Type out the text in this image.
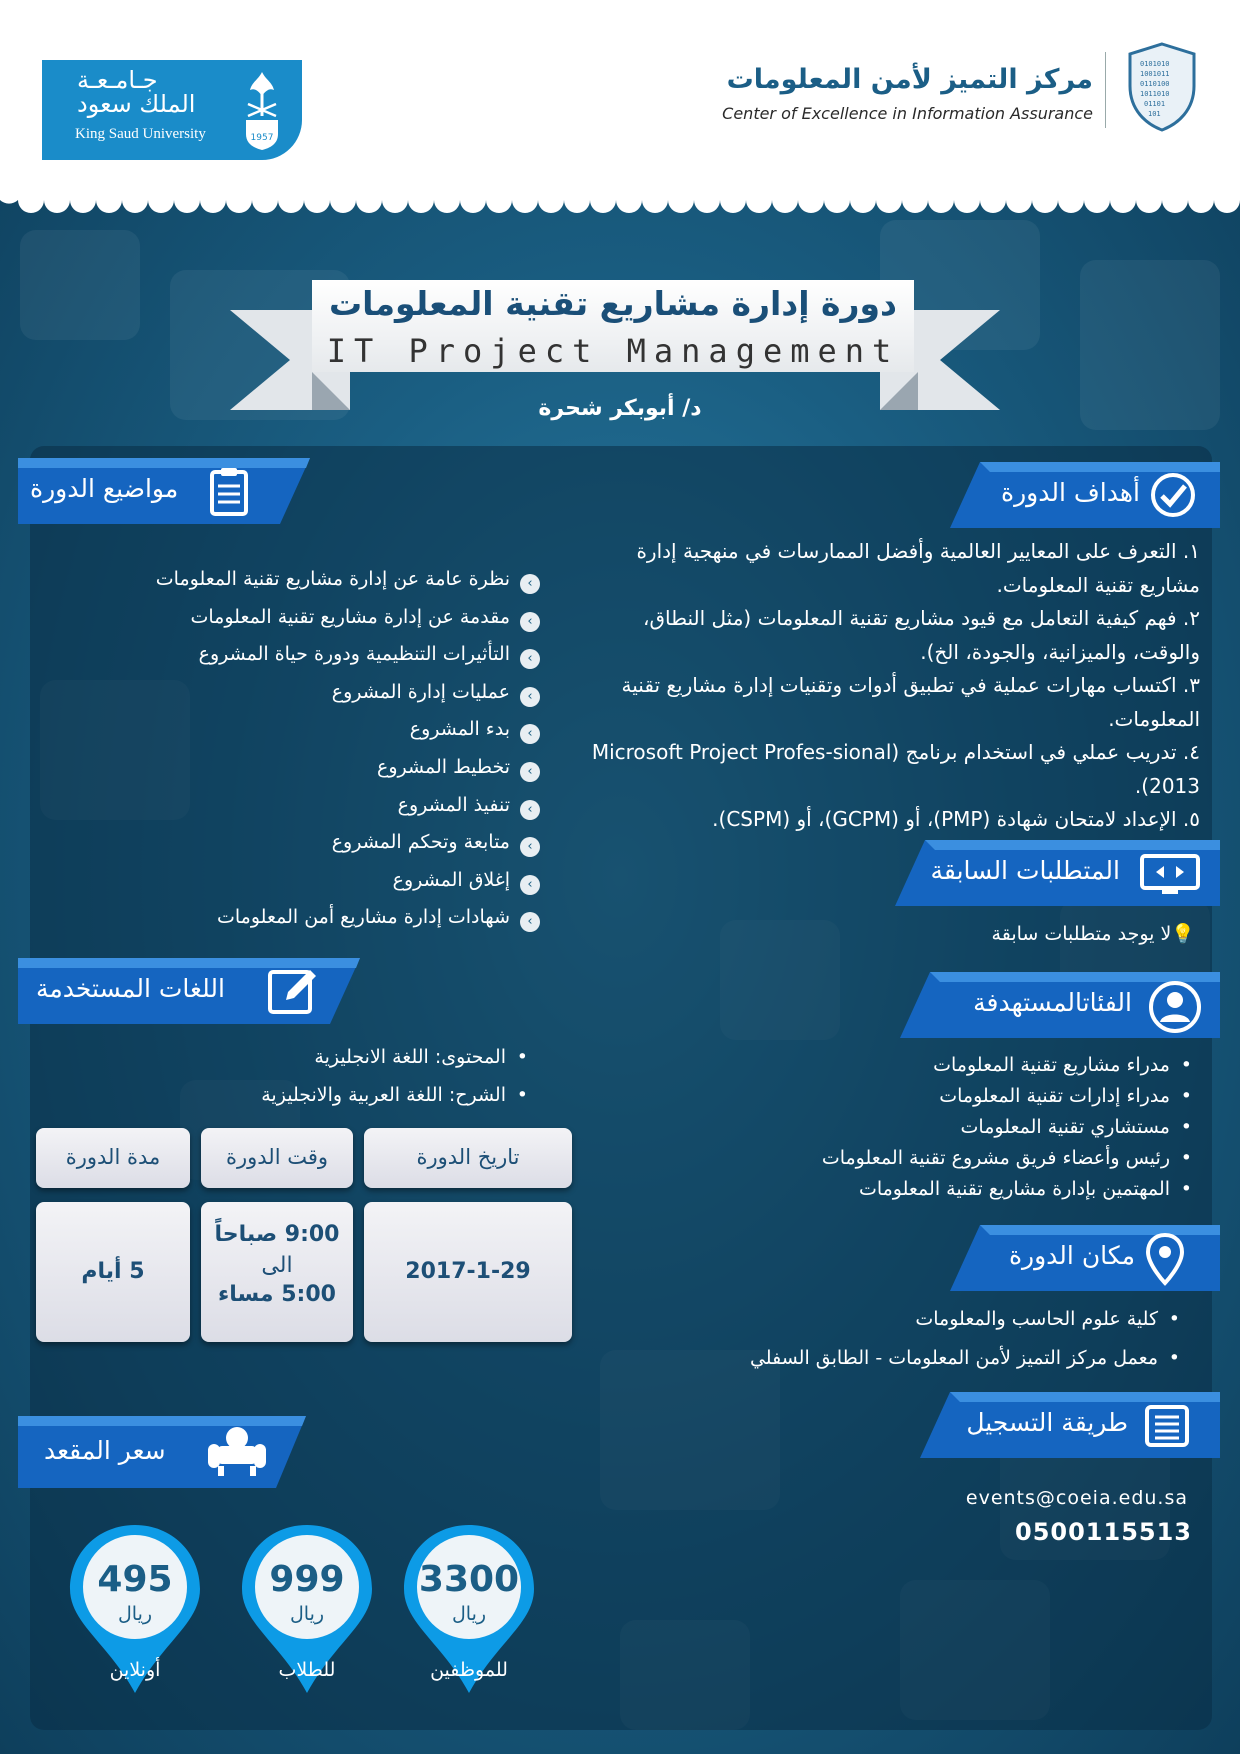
جـامـعـة
الملك سعود
King Saud University	1957
مركز التميز لأمن المعلومات
Center of Excellence in Information Assurance
0101010
1001011
0110100
1011010
01101
101
دورة إدارة مشاريع تقنية المعلومات
IT Project Management
د/ أبوبكر شحرة
أهداف الدورة

١. التعرف على المعايير العالمية وأفضل الممارسات في منهجية إدارة مشاريع تقنية المعلومات.

٢. فهم كيفية التعامل مع قيود مشاريع تقنية المعلومات (مثل النطاق، والوقت، والميزانية، والجودة، الخ).

٣. اكتساب مهارات عملية في تطبيق أدوات وتقنيات إدارة مشاريع تقنية المعلومات.

٤. تدريب عملي في استخدام برنامج (Microsoft Project Profes-sional 2013).

٥. الإعداد لامتحان شهادة (PMP)، أو (GCPM)، أو (CSPM).

المتطلبات السابقة
💡لا يوجد متطلبات سابقة
الفئاتالمستهدفة
• مدراء مشاريع تقنية المعلومات
• مدراء إدارات تقنية المعلومات
• مستشاري تقنية المعلومات
• رئيس وأعضاء فريق مشروع تقنية المعلومات
• المهتمين بإدارة مشاريع تقنية المعلومات
مكان الدورة
• كلية علوم الحاسب والمعلومات
• معمل مركز التميز لأمن المعلومات - الطابق السفلي
طريقة التسجيل
events@coeia.edu.sa
0500115513
مواضيع الدورة
›
نظرة عامة عن إدارة مشاريع تقنية المعلومات
›
مقدمة عن إدارة مشاريع تقنية المعلومات
›
التأثيرات التنظيمية ودورة حياة المشروع
›
عمليات إدارة المشروع
›
بدء المشروع
›
تخطيط المشروع
›
تنفيذ المشروع
›
متابعة وتحكم المشروع
›
إغلاق المشروع
›
شهادات إدارة مشاريع أمن المعلومات
اللغات المستخدمة
• المحتوى: اللغة الانجليزية
• الشرح: اللغة العربية والانجليزية
تاريخ الدورة
وقت الدورة
مدة الدورة
2017-1-29
9:00 صباحاً
الى
5:00 مساء
5 أيام
سعر المقعد
3300
ريال
للموظفين
999
ريال
للطلاب
495
ريال
أونلاين
